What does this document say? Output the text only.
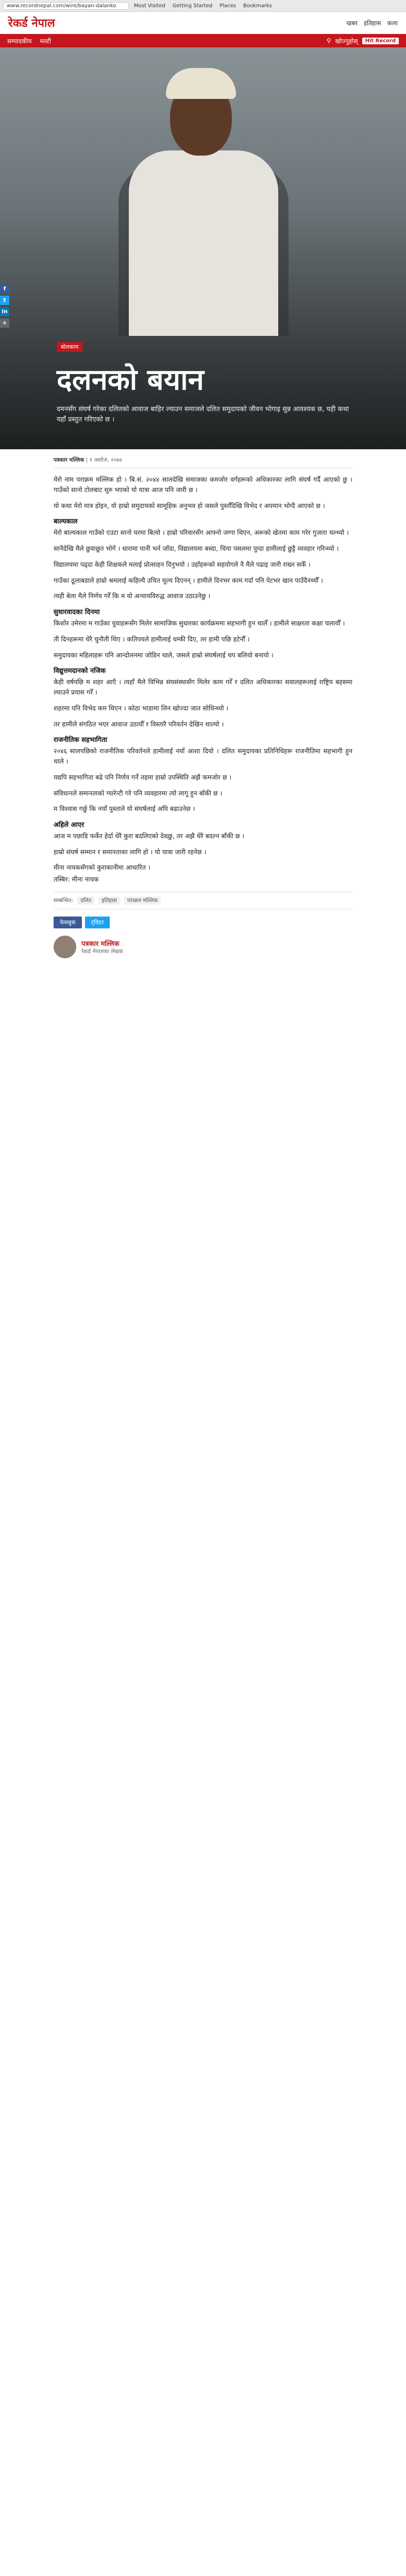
www.recordnepal.com/wire/bayan-dalanko	Most Visited	Getting Started	Places	Bookmarks
रेकर्ड नेपाल	खबर इतिहास कला
सम्पादकीय मल्टी	⚲ खोज्नुहोस्	Hit Record
f
t
in
+
बोलकाम
दलनको बयान

दमनसँग संघर्ष गरेका दलितको आवाज बाहिर ल्याउन समाजले दलित समुदायको जीवन भोगाइ सुन्न आवश्यक छ, यही कथा यहाँ प्रस्तुत गरिएको छ ।

पत्रकार मल्लिक | १ असोज, २०७४

मेरो नाम पराक्रम मल्लिक हो । बि.सं. २०४४ सालदेखि समाजका कमजोर वर्गहरूको अधिकारका लागि संघर्ष गर्दै आएको छु । गाउँको सानो टोलबाट सुरु भएको यो यात्रा आज पनि जारी छ ।

यो कथा मेरो मात्र होइन, यो हाम्रो समुदायको सामूहिक अनुभव हो जसले पुस्तौँदेखि विभेद र अपमान भोग्दै आएको छ ।

बाल्यकाल

मेरो बाल्यकाल गाउँको एउटा सानो घरमा बित्यो । हाम्रो परिवारसँग आफ्नो जग्गा थिएन, अरूको खेतमा काम गरेर गुजारा चल्थ्यो ।

सानैदेखि मैले छुवाछूत भोगें । धारामा पानी भर्न जाँदा, विद्यालयमा बस्दा, चिया पसलमा पुग्दा हामीलाई छुट्टै व्यवहार गरिन्थ्यो ।

विद्यालयमा पढ्दा केही शिक्षकले मलाई प्रोत्साहन दिनुभयो । उहाँहरूको सहयोगले नै मैले पढाइ जारी राख्न सकेँ ।

गाउँका ठूलाबडाले हाम्रो श्रमलाई कहिल्यै उचित मूल्य दिएनन् । हामीले दिनभर काम गर्दा पनि पेटभर खान पाउँदैनथ्यौँ ।

त्यही बेला मैले निर्णय गरेँ कि म यो अन्यायविरुद्ध आवाज उठाउनेछु ।

सुधारवादका दिनमा

किशोर उमेरमा म गाउँका युवाहरूसँग मिलेर सामाजिक सुधारका कार्यक्रममा सहभागी हुन थालेँ । हामीले साक्षरता कक्षा चलायौँ ।

ती दिनहरूमा धेरै चुनौती थिए । कतिपयले हामीलाई धम्की दिए, तर हामी पछि हटेनौँ ।

समुदायका महिलाहरू पनि आन्दोलनमा जोडिन थाले, जसले हाम्रो संघर्षलाई थप बलियो बनायो ।

विद्युत्तमदानको नजिक

केही वर्षपछि म शहर आएँ । त्यहाँ मैले विभिन्न संघसंस्थासँग मिलेर काम गरेँ र दलित अधिकारका सवालहरूलाई राष्ट्रिय बहसमा ल्याउने प्रयास गरेँ ।

शहरमा पनि विभेद कम थिएन । कोठा भाडामा लिन खोज्दा जात सोधिन्थ्यो ।

तर हामीले संगठित भएर आवाज उठायौँ र विस्तारै परिवर्तन देखिन थाल्यो ।

राजनीतिक सहभागिता

२०४६ सालपछिको राजनीतिक परिवर्तनले हामीलाई नयाँ आशा दियो । दलित समुदायका प्रतिनिधिहरू राजनीतिमा सहभागी हुन थाले ।

यद्यपि सहभागिता बढे पनि निर्णय गर्ने तहमा हाम्रो उपस्थिति अझै कमजोर छ ।

संविधानले समानताको ग्यारेन्टी गरे पनि व्यवहारमा त्यो लागू हुन बाँकी छ ।

म विश्वास गर्छु कि नयाँ पुस्ताले यो संघर्षलाई अघि बढाउनेछ ।

अहिले आएर

आज म पछाडि फर्केर हेर्दा धेरै कुरा बदलिएको देख्छु, तर अझै धेरै बदल्न बाँकी छ ।

हाम्रो संघर्ष सम्मान र समानताका लागि हो । यो यात्रा जारी रहनेछ ।

मीना नायकसँगको कुराकानीमा आधारित ।

तस्बिर: मीना नायक

सम्बन्धित:	दलित	इतिहास	पराक्रम मल्लिक
फेसबुक	ट्विटर
पत्रकार मल्लिक
रेकर्ड नेपालका लेखक
